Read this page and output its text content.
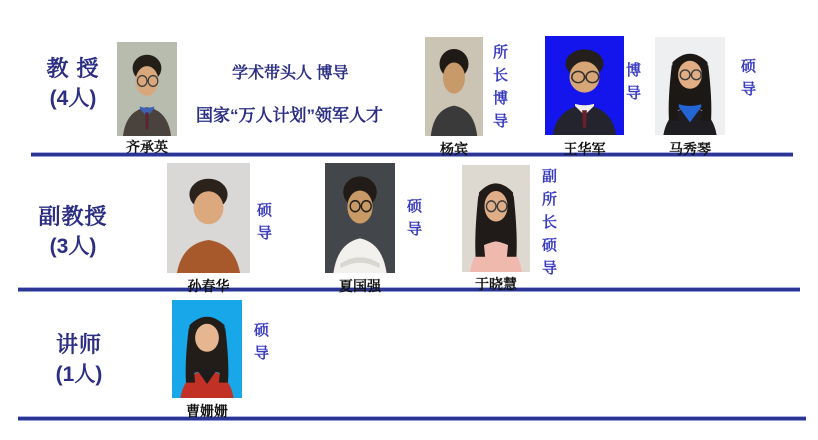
教 授
(4人)
副教授
(3人)
讲师
(1人)
齐承英
学术带头人 博导
国家“万人计划”领军人才
杨宾
所长博导
王华军
博导
马秀琴
硕导
孙春华
硕导
夏国强
硕导
于晓慧
副所长硕导
曹姗姗
硕导
